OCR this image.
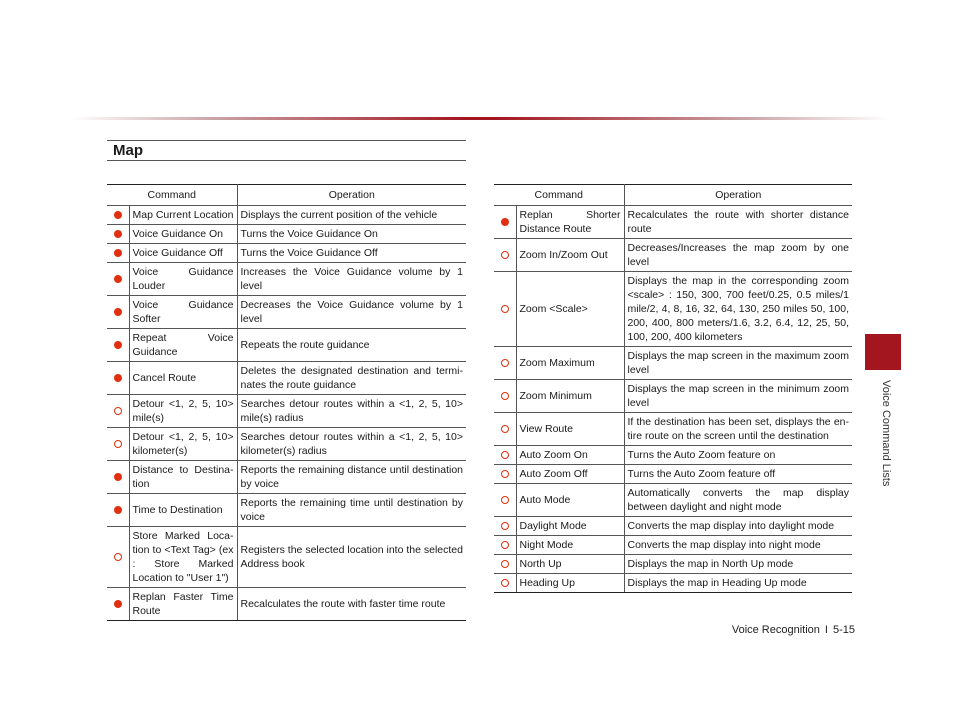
Voice Command Lists
Map
Command		Operation
	Map Current Location	Displays the current position of the vehicle
	Voice Guidance On	Turns the Voice Guidance On
	Voice Guidance Off	Turns the Voice Guidance Off
	Voice Guidance Louder	Increases the Voice Guidance volume by 1 level
	Voice Guidance Softer	Decreases the Voice Guidance volume by 1 level
	Repeat Voice Guidance	Repeats the route guidance
	Cancel Route	Deletes the designated destination and termi-nates the route guidance
	Detour <1, 2, 5, 10> mile(s)	Searches detour routes within a <1, 2, 5, 10> mile(s) radius
	Detour <1, 2, 5, 10> kilometer(s)	Searches detour routes within a <1, 2, 5, 10> kilometer(s) radius
	Distance to Destina-tion	Reports the remaining distance until destination by voice
	Time to Destination	Reports the remaining time until destination by voice
	Store Marked Loca-tion to <Text Tag> (ex : Store Marked Location to "User 1")	Registers the selected location into the selected Address book
	Replan Faster Time Route	Recalculates the route with faster time route
Command		Operation
	Replan Shorter Distance Route	Recalculates the route with shorter distance route
	Zoom In/Zoom Out	Decreases/Increases the map zoom by one level
	Zoom <Scale>	Displays the map in the corresponding zoom <scale> : 150, 300, 700 feet/0.25, 0.5 miles/1 mile/2, 4, 8, 16, 32, 64, 130, 250 miles 50, 100, 200, 400, 800 meters/1.6, 3.2, 6.4, 12, 25, 50, 100, 200, 400 kilometers
	Zoom Maximum	Displays the map screen in the maximum zoom level
	Zoom Minimum	Displays the map screen in the minimum zoom level
	View Route	If the destination has been set, displays the en-tire route on the screen until the destination
	Auto Zoom On	Turns the Auto Zoom feature on
	Auto Zoom Off	Turns the Auto Zoom feature off
	Auto Mode	Automatically converts the map display between daylight and night mode
	Daylight Mode	Converts the map display into daylight mode
	Night Mode	Converts the map display into night mode
	North Up	Displays the map in North Up mode
	Heading Up	Displays the map in Heading Up mode
Voice Recognition I 5-15
